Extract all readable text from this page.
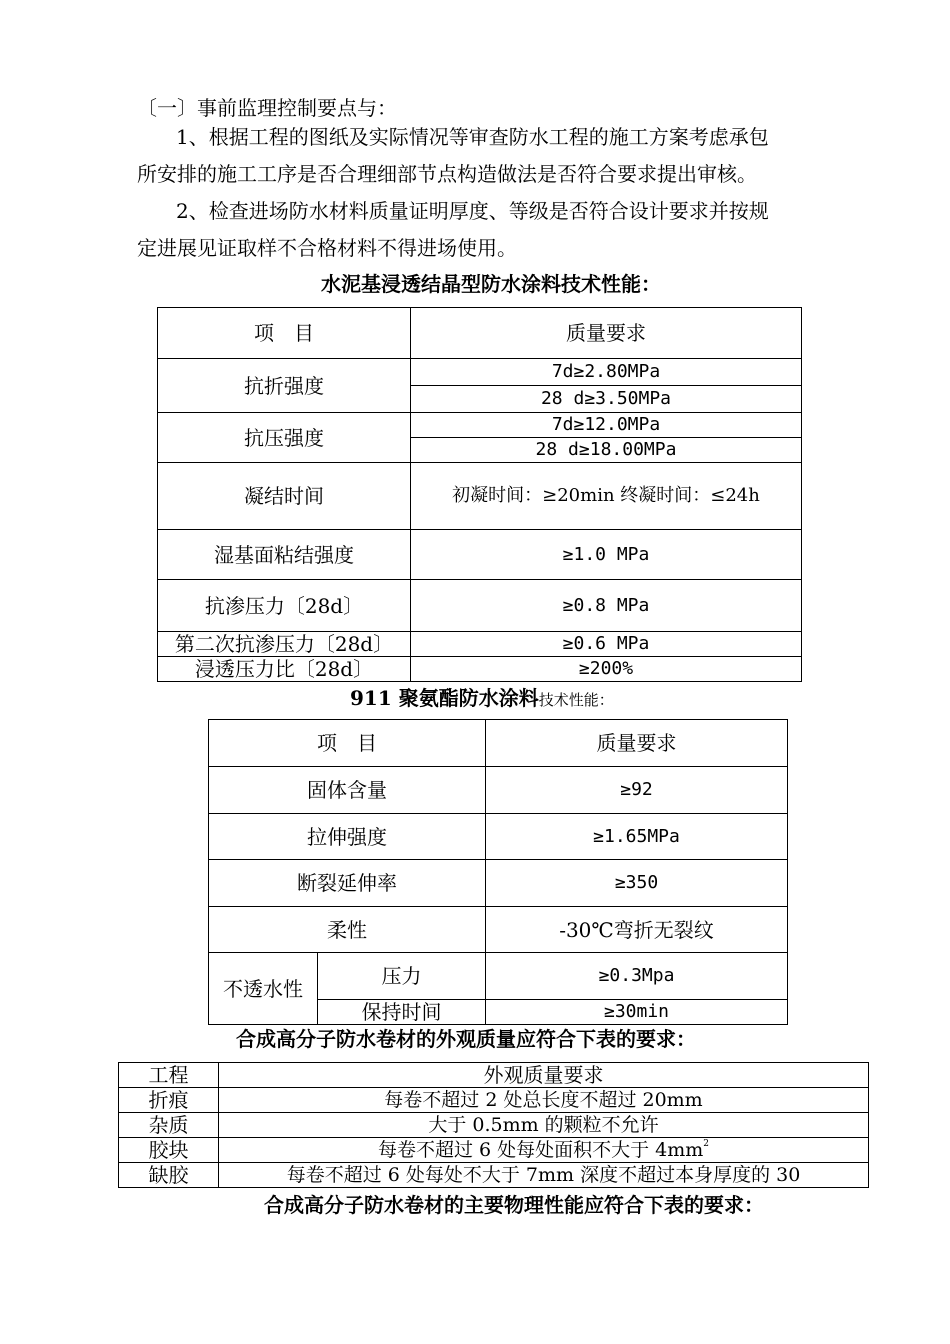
〔一〕事前监理控制要点与：
1、根据工程的图纸及实际情况等审查防水工程的施工方案考虑承包
所安排的施工工序是否合理细部节点构造做法是否符合要求提出审核。
2、检查进场防水材料质量证明厚度、等级是否符合设计要求并按规
定进展见证取样不合格材料不得进场使用。
水泥基浸透结晶型防水涂料技术性能：
项　目	质量要求
抗折强度	7d≥2.80MPa
	28 d≥3.50MPa
抗压强度	7d≥12.0MPa
	28 d≥18.00MPa
凝结时间	初凝时间：≥20min 终凝时间：≤24h
湿基面粘结强度	≥1.0 MPa
抗渗压力〔28d〕	≥0.8 MPa
第二次抗渗压力〔28d〕	≥0.6 MPa
浸透压力比〔28d〕	≥200%
911 聚氨酯防水涂料技术性能：
项　目		质量要求
固体含量		≥92
拉伸强度		≥1.65MPa
断裂延伸率		≥350
柔性		-30℃弯折无裂纹
不透水性	压力	≥0.3Mpa
	保持时间	≥30min
合成高分子防水卷材的外观质量应符合下表的要求：
工程	外观质量要求
折痕	每卷不超过 2 处总长度不超过 20mm
杂质	大于 0.5mm 的颗粒不允许
胶块	每卷不超过 6 处每处面积不大于 $4mm^2$
缺胶	每卷不超过 6 处每处不大于 7mm 深度不超过本身厚度的 30
合成高分子防水卷材的主要物理性能应符合下表的要求：
